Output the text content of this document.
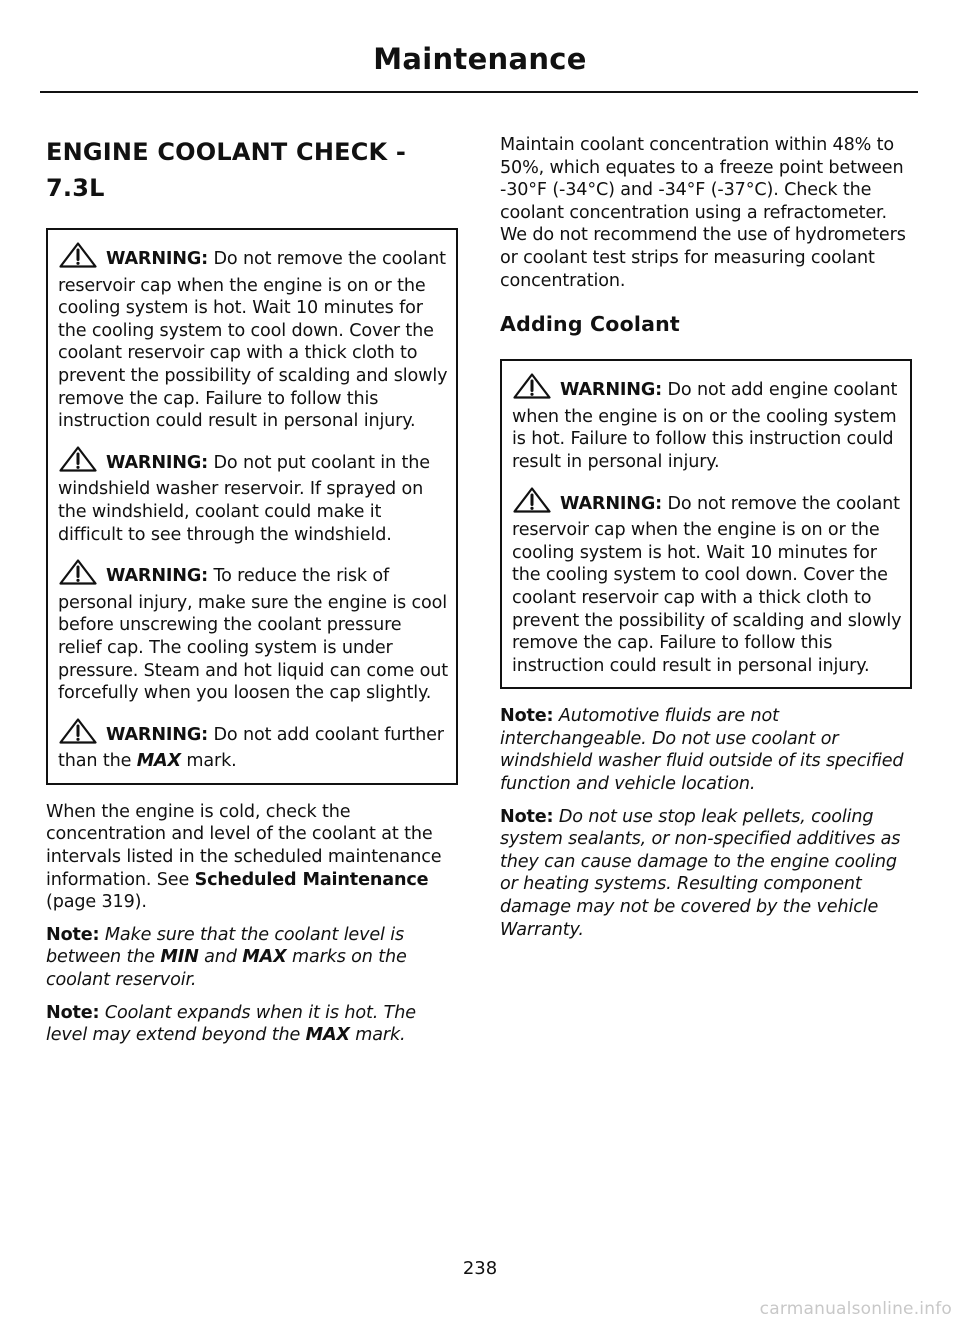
Maintenance
ENGINE COOLANT CHECK -
7.3L
WARNING: Do not remove the coolant reservoir cap when the engine is on or the cooling system is hot. Wait 10 minutes for the cooling system to cool down. Cover the coolant reservoir cap with a thick cloth to prevent the possibility of scalding and slowly remove the cap. Failure to follow this instruction could result in personal injury.
WARNING: Do not put coolant in the windshield washer reservoir. If sprayed on the windshield, coolant could make it difficult to see through the windshield.
WARNING: To reduce the risk of personal injury, make sure the engine is cool before unscrewing the coolant pressure relief cap. The cooling system is under pressure. Steam and hot liquid can come out forcefully when you loosen the cap slightly.
WARNING: Do not add coolant further than the MAX mark.

When the engine is cold, check the concentration and level of the coolant at the intervals listed in the scheduled maintenance information. See Scheduled Maintenance (page 319).

Note: Make sure that the coolant level is between the MIN and MAX marks on the coolant reservoir.

Note: Coolant expands when it is hot. The level may extend beyond the MAX mark.

Maintain coolant concentration within 48% to 50%, which equates to a freeze point between -30°F (-34°C) and -34°F (-37°C). Check the coolant concentration using a refractometer. We do not recommend the use of hydrometers or coolant test strips for measuring coolant concentration.

Adding Coolant
WARNING: Do not add engine coolant when the engine is on or the cooling system is hot. Failure to follow this instruction could result in personal injury.
WARNING: Do not remove the coolant reservoir cap when the engine is on or the cooling system is hot. Wait 10 minutes for the cooling system to cool down. Cover the coolant reservoir cap with a thick cloth to prevent the possibility of scalding and slowly remove the cap. Failure to follow this instruction could result in personal injury.

Note: Automotive fluids are not interchangeable. Do not use coolant or windshield washer fluid outside of its specified function and vehicle location.

Note: Do not use stop leak pellets, cooling system sealants, or non-specified additives as they can cause damage to the engine cooling or heating systems. Resulting component damage may not be covered by the vehicle Warranty.

238
carmanualsonline.info
